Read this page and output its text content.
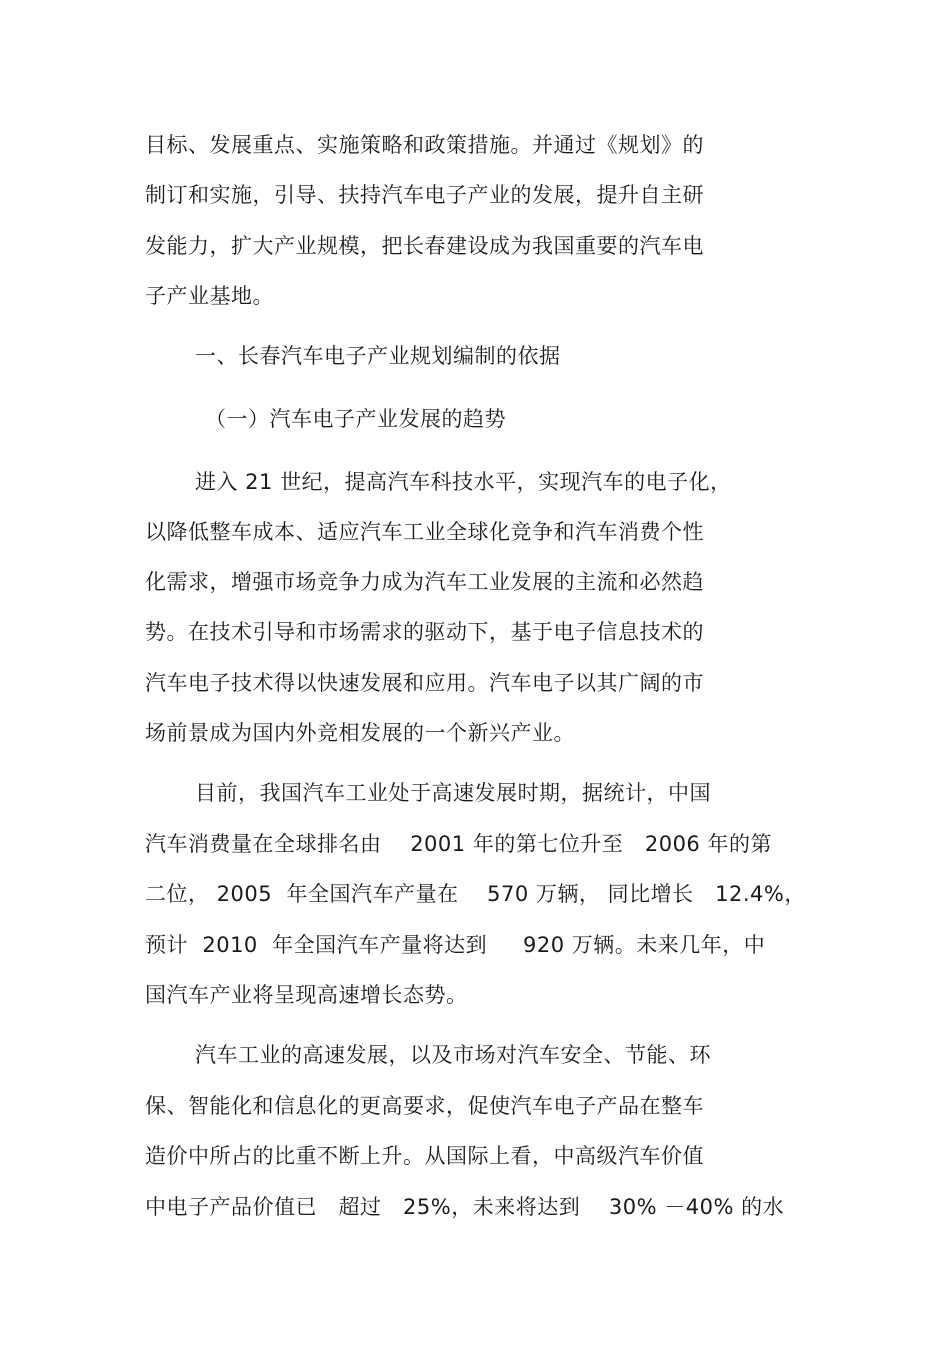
目标、发展重点、实施策略和政策措施。并通过《规划》的
制订和实施，引导、扶持汽车电子产业的发展，提升自主研
发能力，扩大产业规模，把长春建设成为我国重要的汽车电
子产业基地。
一、长春汽车电子产业规划编制的依据
（一）汽车电子产业发展的趋势
进入 21 世纪，提高汽车科技水平，实现汽车的电子化，
以降低整车成本、适应汽车工业全球化竞争和汽车消费个性
化需求，增强市场竞争力成为汽车工业发展的主流和必然趋
势。在技术引导和市场需求的驱动下，基于电子信息技术的
汽车电子技术得以快速发展和应用。汽车电子以其广阔的市
场前景成为国内外竞相发展的一个新兴产业。
目前，我国汽车工业处于高速发展时期，据统计，中国
汽车消费量在全球排名由    2001 年的第七位升至   2006 年的第
二位， 2005  年全国汽车产量在    570 万辆， 同比增长   12.4%，
预计  2010  年全国汽车产量将达到     920 万辆。未来几年，中
国汽车产业将呈现高速增长态势。
汽车工业的高速发展，以及市场对汽车安全、节能、环
保、智能化和信息化的更高要求，促使汽车电子产品在整车
造价中所占的比重不断上升。从国际上看，中高级汽车价值
中电子产品价值已   超过   25%，未来将达到    30% －40% 的水
